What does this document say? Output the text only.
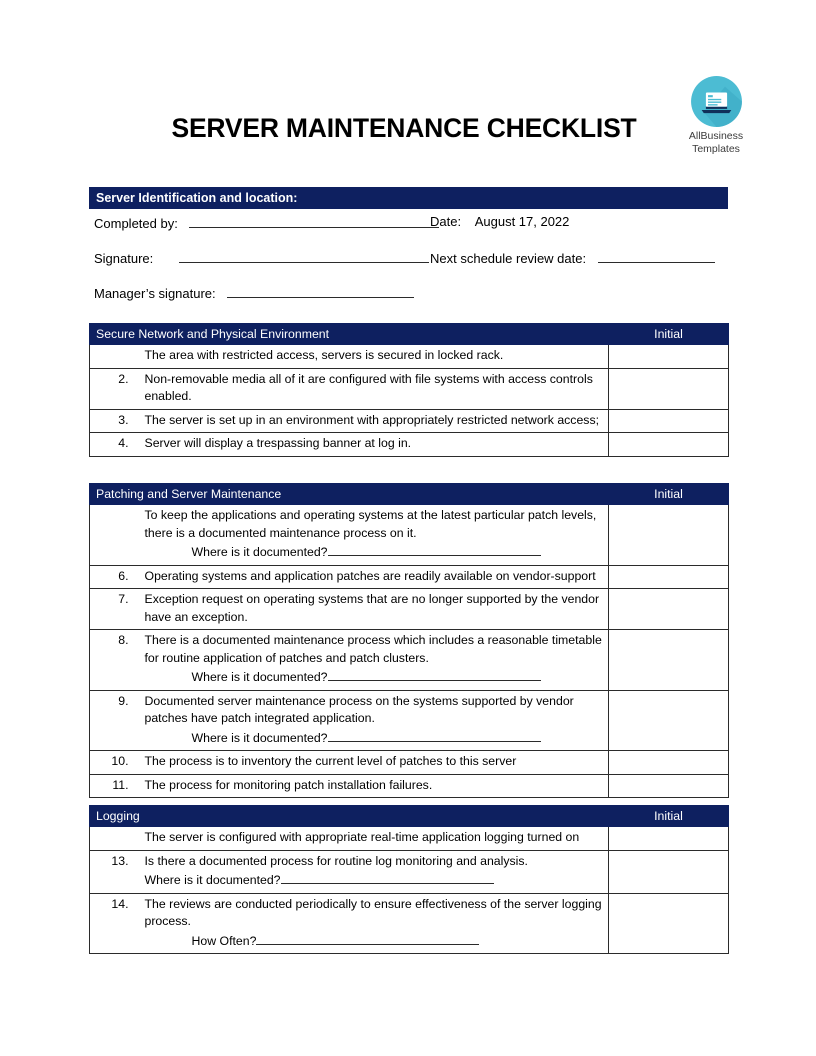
SERVER MAINTENANCE CHECKLIST	AllBusiness
Templates
Server Identification and location:
Completed by:	Date: August 17, 2022
Signature:	Next schedule review date:
Manager’s signature:
Secure Network and Physical Environment		Initial
	The area with restricted access, servers is secured in locked rack.	
2.	Non-removable media all of it are configured with file systems with access controls enabled.	
3.	The server is set up in an environment with appropriately restricted network access;	
4.	Server will display a trespassing banner at log in.	
Patching and Server Maintenance		Initial
	To keep the applications and operating systems at the latest particular patch levels, there is a documented maintenance process on it.
Where is it documented?	

6.	Operating systems and application patches are readily available on vendor-support	
7.	Exception request on operating systems that are no longer supported by the vendor have an exception.	
8.	There is a documented maintenance process which includes a reasonable timetable for routine application of patches and patch clusters.
Where is it documented?	

9.	Documented server maintenance process on the systems supported by vendor patches have patch integrated application.
Where is it documented?	

10.	The process is to inventory the current level of patches to this server	
11.	The process for monitoring patch installation failures.	
Logging		Initial
	The server is configured with appropriate real-time application logging turned on	
13.	Is there a documented process for routine log monitoring and analysis.
Where is it documented?	

14.	The reviews are conducted periodically to ensure effectiveness of the server logging process.
How Often?	
